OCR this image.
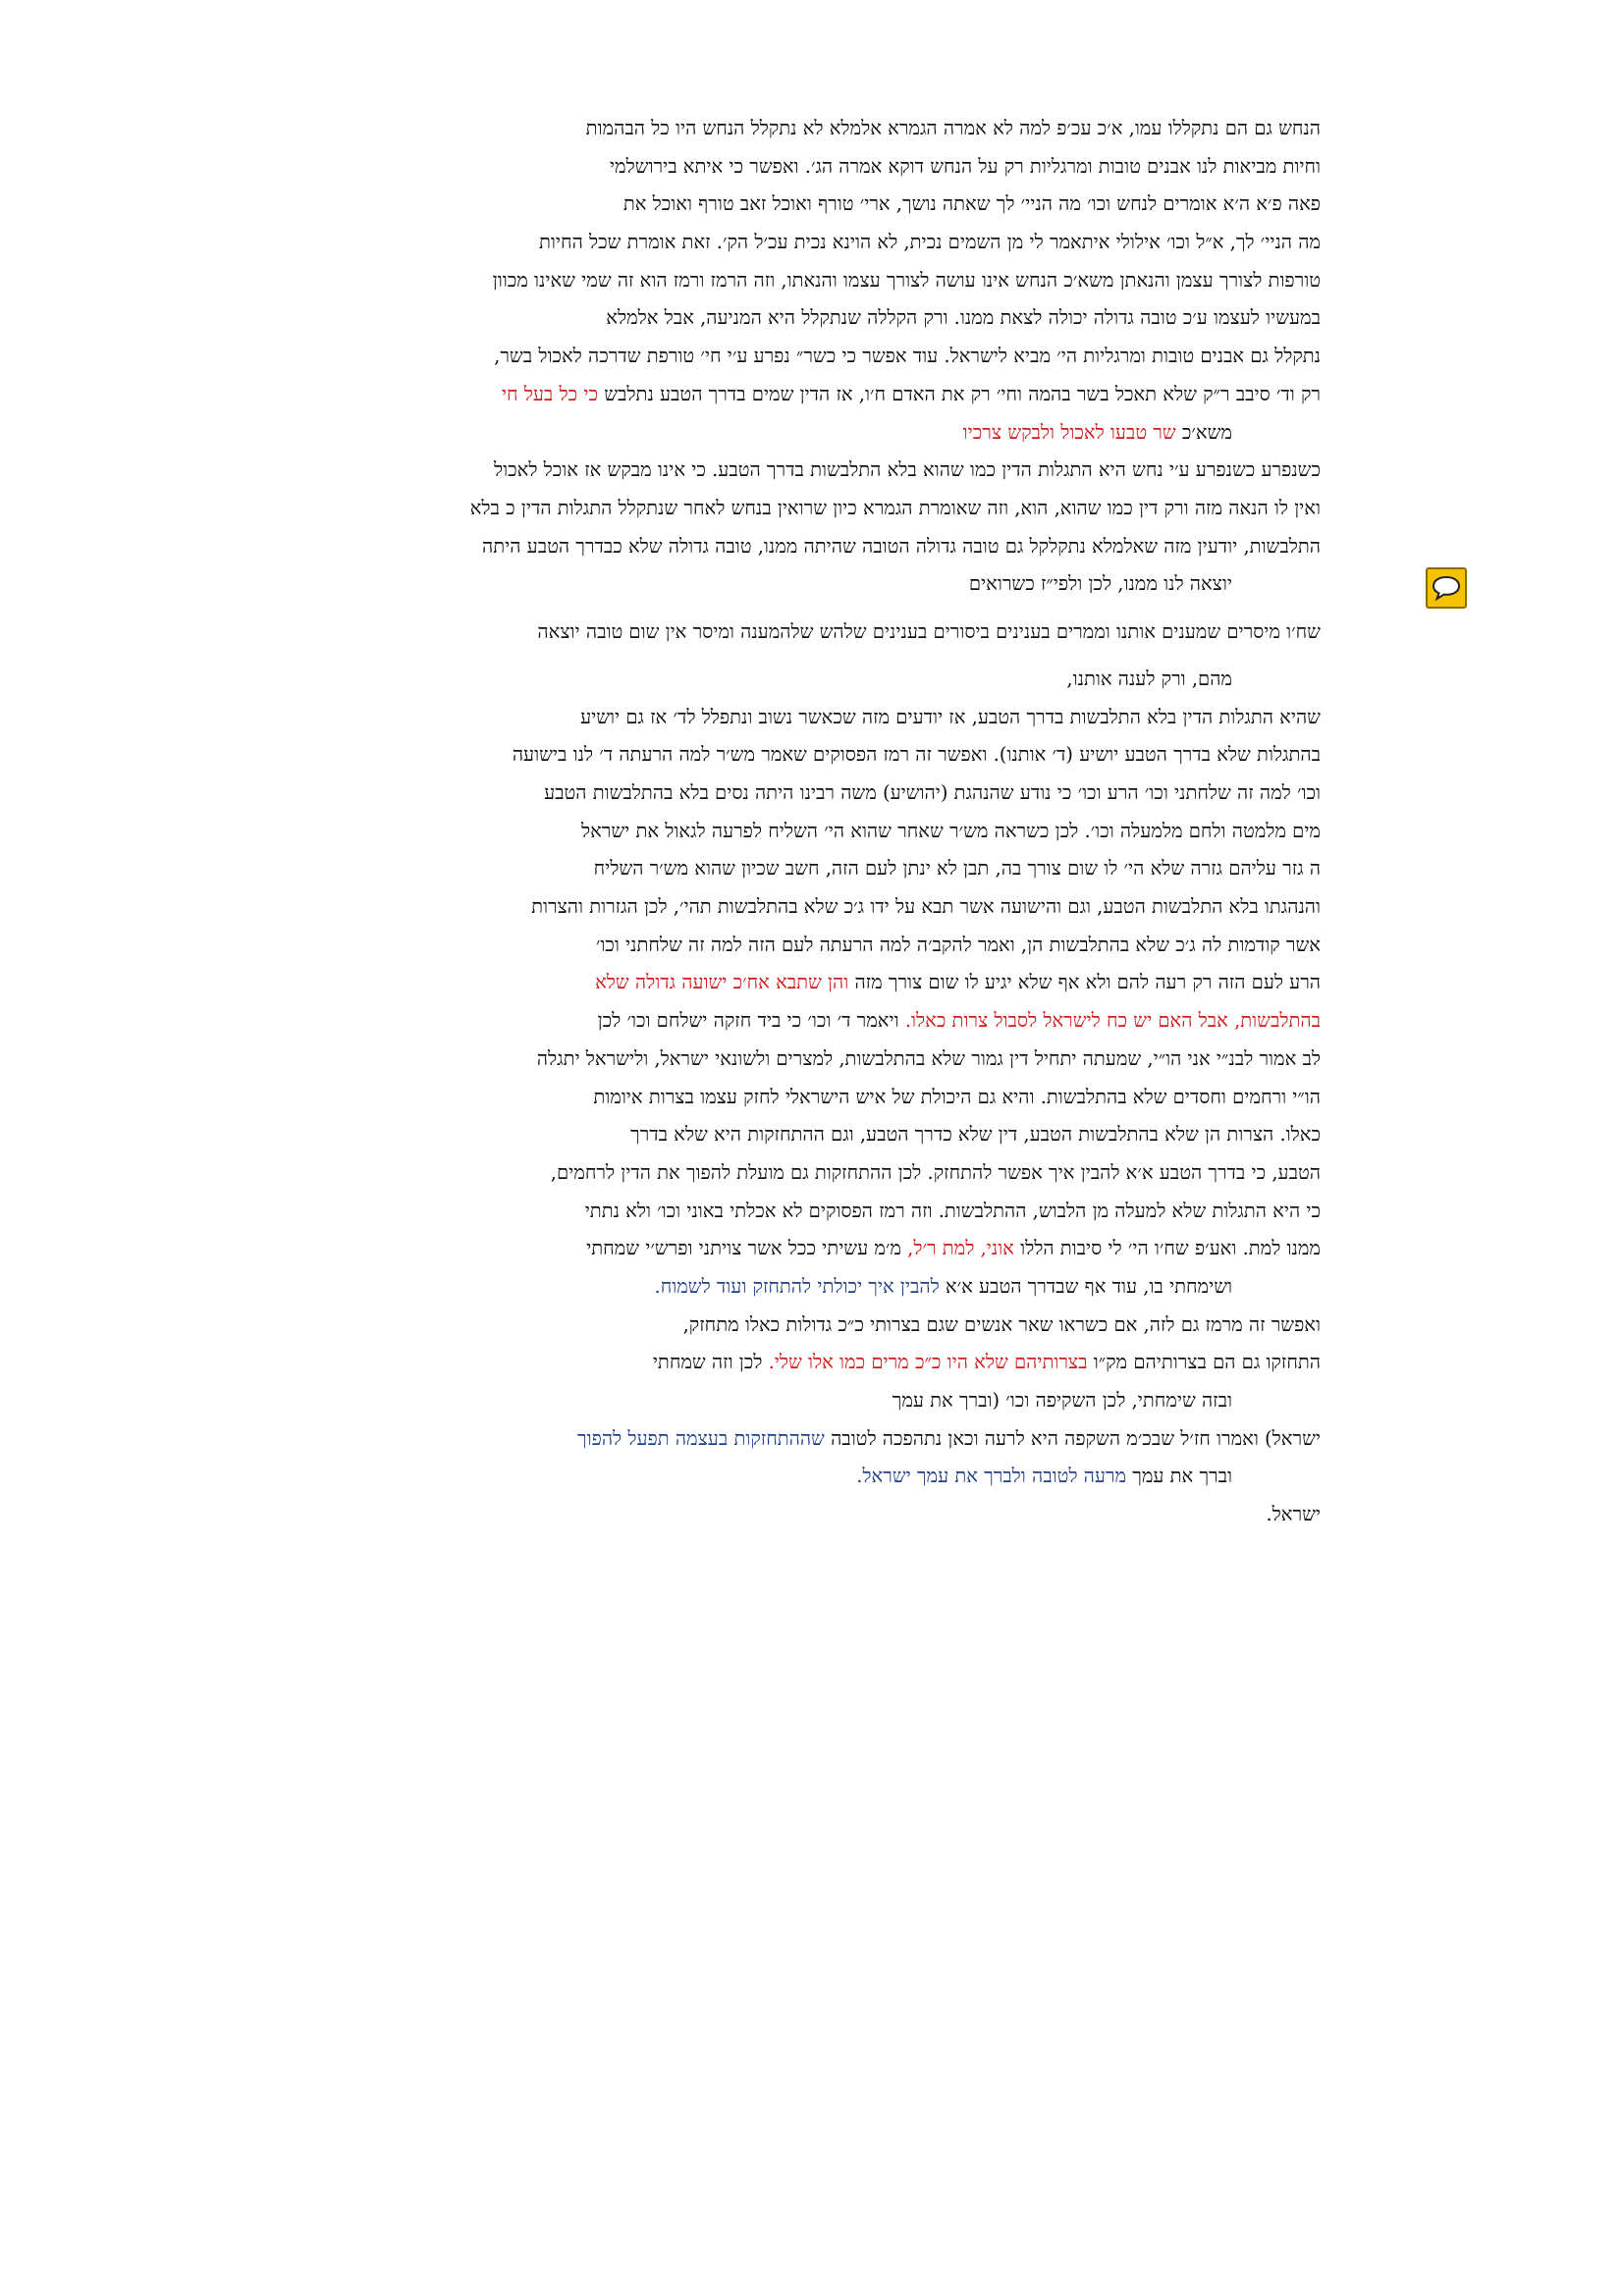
הנחש גם הם נתקללו עמו, א׳כ עכ׳פ למה לא אמרה הגמרא אלמלא לא נתקלל הנחש היו כל הבהמות
וחיות מביאות לנו אבנים טובות ומרגליות רק על הנחש דוקא אמרה הג׳. ואפשר כי איתא בירושלמי
פאה פ׳א ה׳א אומרים לנחש וכו׳ מה הניי׳ לך שאתה נושך, ארי׳ טורף ואוכל זאב טורף ואוכל את
מה הניי׳ לך, א״ל וכו׳ אילולי איתאמר לי מן השמים נכית, לא הוינא נכית עכ׳ל הק׳. זאת אומרת שכל החיות
טורפות לצורך עצמן והנאתן משא׳כ הנחש אינו עושה לצורך עצמו והנאתו, וזה הרמז ורמז הוא זה שמי שאינו מכוון
במעשיו לעצמו ע׳כ טובה גדולה יכולה לצאת ממנו. ורק הקללה שנתקלל היא המניעה, אבל אלמלא
נתקלל גם אבנים טובות ומרגליות הי׳ מביא לישראל. עוד אפשר כי כשר״ נפרע ע׳י חי׳ טורפת שדרכה לאכול בשר,
רק וד׳ סיבב ר״ק שלא תאכל בשר בהמה וחי׳ רק את האדם ח׳ו, אז הדין שמים בדרך הטבע נתלבש כי כל בעל חי
משא׳כ שר טבעו לאכול ולבקש צרכיו
כשנפרע כשנפרע ע׳י נחש היא התגלות הדין כמו שהוא בלא התלבשות בדרך הטבע. כי אינו מבקש אז אוכל לאכול
ואין לו הנאה מזה ורק דין כמו שהוא, הוא, וזה שאומרת הגמרא כיון שרואין בנחש לאחר שנתקלל התגלות הדין כ בלא
התלבשות, יודעין מזה שאלמלא נתקלקל גם טובה גדולה הטובה שהיתה ממנו, טובה גדולה שלא כבדרך הטבע היתה
יוצאה לנו ממנו, לכן ולפי״ז כשרואים
שח׳ו מיסרים שמענים אותנו וממרים בענינים ביסורים בענינים שלהש שלהמענה ומיסר אין שום טובה יוצאה
מהם, ורק לענה אותנו,
שהיא התגלות הדין בלא התלבשות בדרך הטבע, אז יודעים מזה שכאשר נשוב ונתפלל לד׳ אז גם יושיע
בהתגלות שלא בדרך הטבע יושיע (ד׳ אותנו). ואפשר זה רמז הפסוקים שאמר מש׳ר למה הרעתה ד׳ לנו בישועה
וכו׳ למה זה שלחתני וכו׳ הרע וכו׳ כי נודע שהנהגת (יהושיע) משה רבינו היתה נסים בלא בהתלבשות הטבע
מים מלמטה ולחם מלמעלה וכו׳. לכן כשראה מש׳ר שאחר שהוא הי׳ השליח לפרעה לגאול את ישראל
ה גזר עליהם גזרה שלא הי׳ לו שום צורך בה, תבן לא ינתן לעם הזה, חשב שכיון שהוא מש׳ר השליח
והנהגתו בלא התלבשות הטבע, וגם והישועה אשר תבא על ידו ג׳כ שלא בהתלבשות תהי׳, לכן הגזרות והצרות
אשר קודמות לה ג׳כ שלא בהתלבשות הן, ואמר להקב׳ה למה הרעתה לעם הזה למה זה שלחתני וכו׳
הרע לעם הזה רק רעה להם ולא אף שלא יגיע לו שום צורך מזה והן שתבא אח׳כ ישועה גדולה שלא
בהתלבשות, אבל האם יש כח לישראל לסבול צרות כאלו. ויאמר ד׳ וכו׳ כי ביד חזקה ישלחם וכו׳ לכן
לב אמור לבנ״י אני הו״י, שמעתה יתחיל דין גמור שלא בהתלבשות, למצרים ולשונאי ישראל, ולישראל יתגלה
הו״י ורחמים וחסדים שלא בהתלבשות. והיא גם היכולת של איש הישראלי לחזק עצמו בצרות איומות
כאלו. הצרות הן שלא בהתלבשות הטבע, דין שלא כדרך הטבע, וגם ההתחזקות היא שלא בדרך
הטבע, כי בדרך הטבע א׳א להבין איך אפשר להתחזק. לכן ההתחזקות גם מועלת להפוך את הדין לרחמים,
כי היא התגלות שלא למעלה מן הלבוש, ההתלבשות. וזה רמז הפסוקים לא אכלתי באוני וכו׳ ולא נתתי
ממנו למת. ואע׳פ שח׳ו הי׳ לי סיבות הללו אוני, למת ר׳ל, מ׳מ עשיתי ככל אשר צויתני ופרש׳י שמחתי
ושימחתי בו, עוד אף שבדרך הטבע א׳א להבין איך יכולתי להתחזק ועוד לשמוח.
ואפשר זה מרמז גם לזה, אם כשראו שאר אנשים שגם בצרותי כ״כ גדולות כאלו מתחזק,
התחזקו גם הם בצרותיהם מק״ו בצרותיהם שלא היו כ״כ מרים כמו אלו שלי. לכן וזה שמחתי
ובזה שימחתי, לכן השקיפה וכו׳ (וברך את עמך
ישראל) ואמרו חז׳ל שבכ׳מ השקפה היא לרעה וכאן נתהפכה לטובה שההתחזקות בעצמה תפעל להפוך
וברך את עמך מרעה לטובה ולברך את עמך ישראל.
ישראל.
